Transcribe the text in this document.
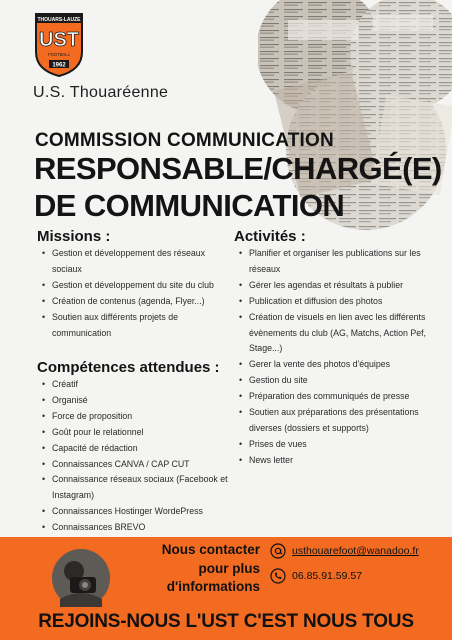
THOUARS-LAUZE
UST
FOOTBALL
1962
U.S. Thouaréenne
COMMISSION COMMUNICATION
RESPONSABLE/CHARGÉ(E)
DE COMMUNICATION
Missions :
• Gestion et développement des réseaux
sociaux
• Gestion et développement du site du club
• Création de contenus (agenda, Flyer...)
• Soutien aux différents projets de
communication
Compétences attendues :
• Créatif
• Organisé
• Force de proposition
• Goût pour le relationnel
• Capacité de rédaction
• Connaissances CANVA / CAP CUT
• Connaissance réseaux sociaux (Facebook et
Instagram)
• Connaissances Hostinger WordePress
• Connaissances BREVO
Activités :
• Planifier et organiser les publications sur les
réseaux
• Gérer les agendas et résultats à publier
• Publication et diffusion des photos
• Création de visuels en lien avec les différents
évènements du club (AG, Matchs, Action Pef,
Stage...)
• Gerer la vente des photos d'équipes
• Gestion du site
• Préparation des communiqués de presse
• Soutien aux préparations des présentations
diverses (dossiers et supports)
• Prises de vues
• News letter
Nous contacter
pour plus
d'informations
usthouarefoot@wanadoo.fr
06.85.91.59.57
REJOINS-NOUS L'UST C'EST NOUS TOUS
